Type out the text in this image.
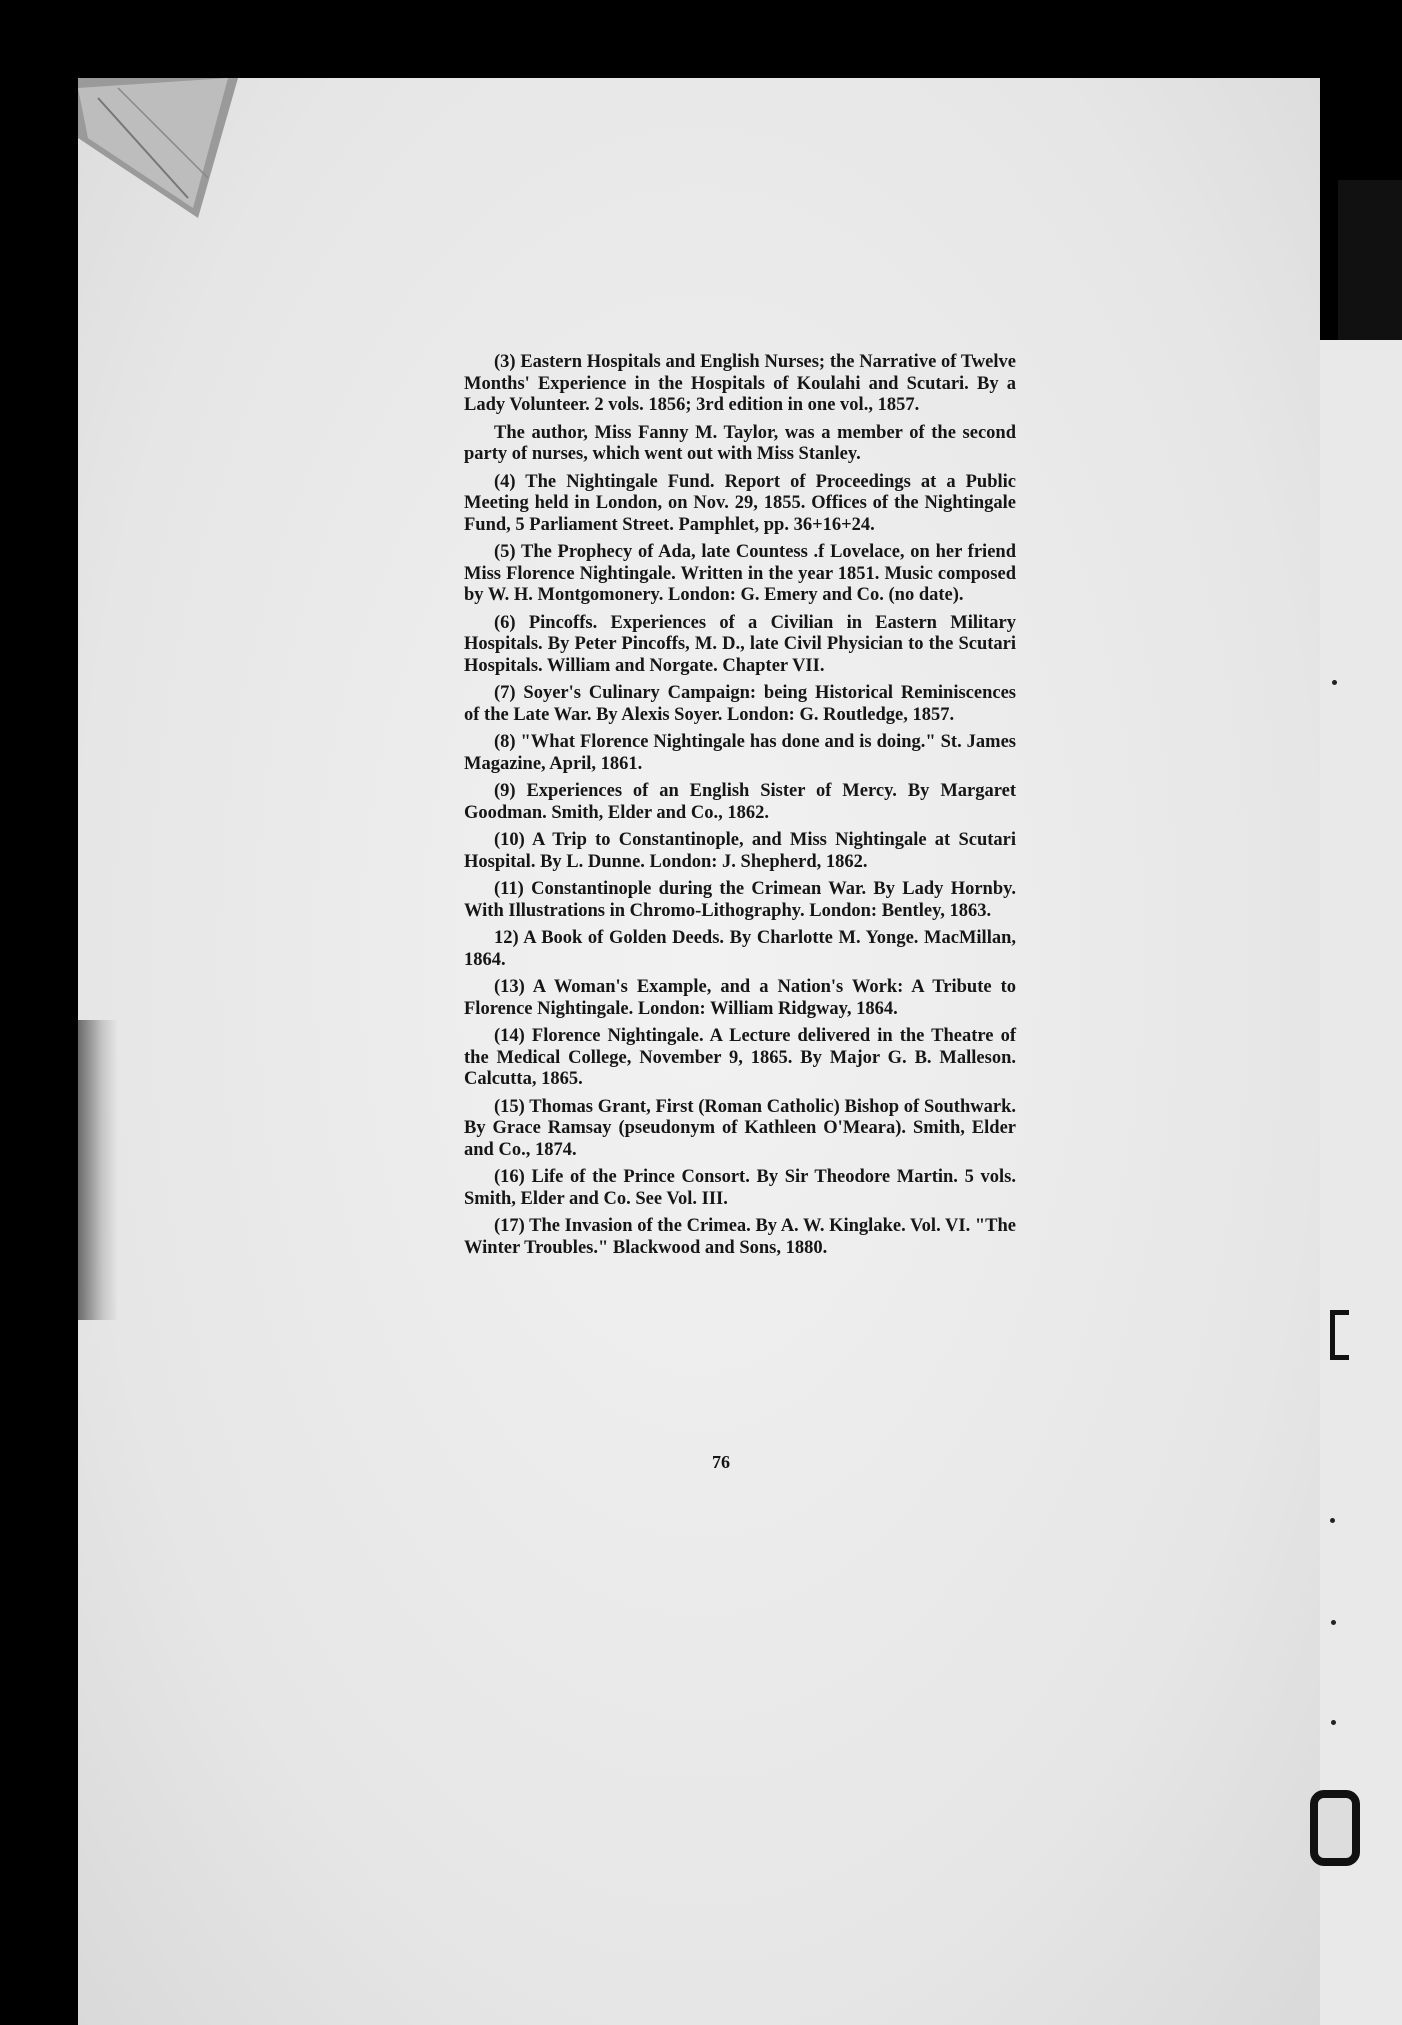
(3) Eastern Hospitals and English Nurses; the Narrative of Twelve Months' Experience in the Hospitals of Koulahi and Scutari. By a Lady Volunteer. 2 vols. 1856; 3rd edition in one vol., 1857.

The author, Miss Fanny M. Taylor, was a member of the second party of nurses, which went out with Miss Stanley.

(4) The Nightingale Fund. Report of Proceedings at a Public Meeting held in London, on Nov. 29, 1855. Offices of the Nightingale Fund, 5 Parliament Street. Pamphlet, pp. 36+16+24.

(5) The Prophecy of Ada, late Countess .f Lovelace, on her friend Miss Florence Nightingale. Written in the year 1851. Music composed by W. H. Montgomonery. London: G. Emery and Co. (no date).

(6) Pincoffs. Experiences of a Civilian in Eastern Military Hospitals. By Peter Pincoffs, M. D., late Civil Physician to the Scutari Hospitals. William and Norgate. Chapter VII.

(7) Soyer's Culinary Campaign: being Historical Reminiscences of the Late War. By Alexis Soyer. London: G. Routledge, 1857.

(8) "What Florence Nightingale has done and is doing." St. James Magazine, April, 1861.

(9) Experiences of an English Sister of Mercy. By Margaret Goodman. Smith, Elder and Co., 1862.

(10) A Trip to Constantinople, and Miss Nightingale at Scutari Hospital. By L. Dunne. London: J. Shepherd, 1862.

(11) Constantinople during the Crimean War. By Lady Hornby. With Illustrations in Chromo-Lithography. London: Bentley, 1863.

12) A Book of Golden Deeds. By Charlotte M. Yonge. MacMillan, 1864.

(13) A Woman's Example, and a Nation's Work: A Tribute to Florence Nightingale. London: William Ridgway, 1864.

(14) Florence Nightingale. A Lecture delivered in the Theatre of the Medical College, November 9, 1865. By Major G. B. Malleson. Calcutta, 1865.

(15) Thomas Grant, First (Roman Catholic) Bishop of Southwark. By Grace Ramsay (pseudonym of Kathleen O'Meara). Smith, Elder and Co., 1874.

(16) Life of the Prince Consort. By Sir Theodore Martin. 5 vols. Smith, Elder and Co. See Vol. III.

(17) The Invasion of the Crimea. By A. W. Kinglake. Vol. VI. "The Winter Troubles." Blackwood and Sons, 1880.

76
